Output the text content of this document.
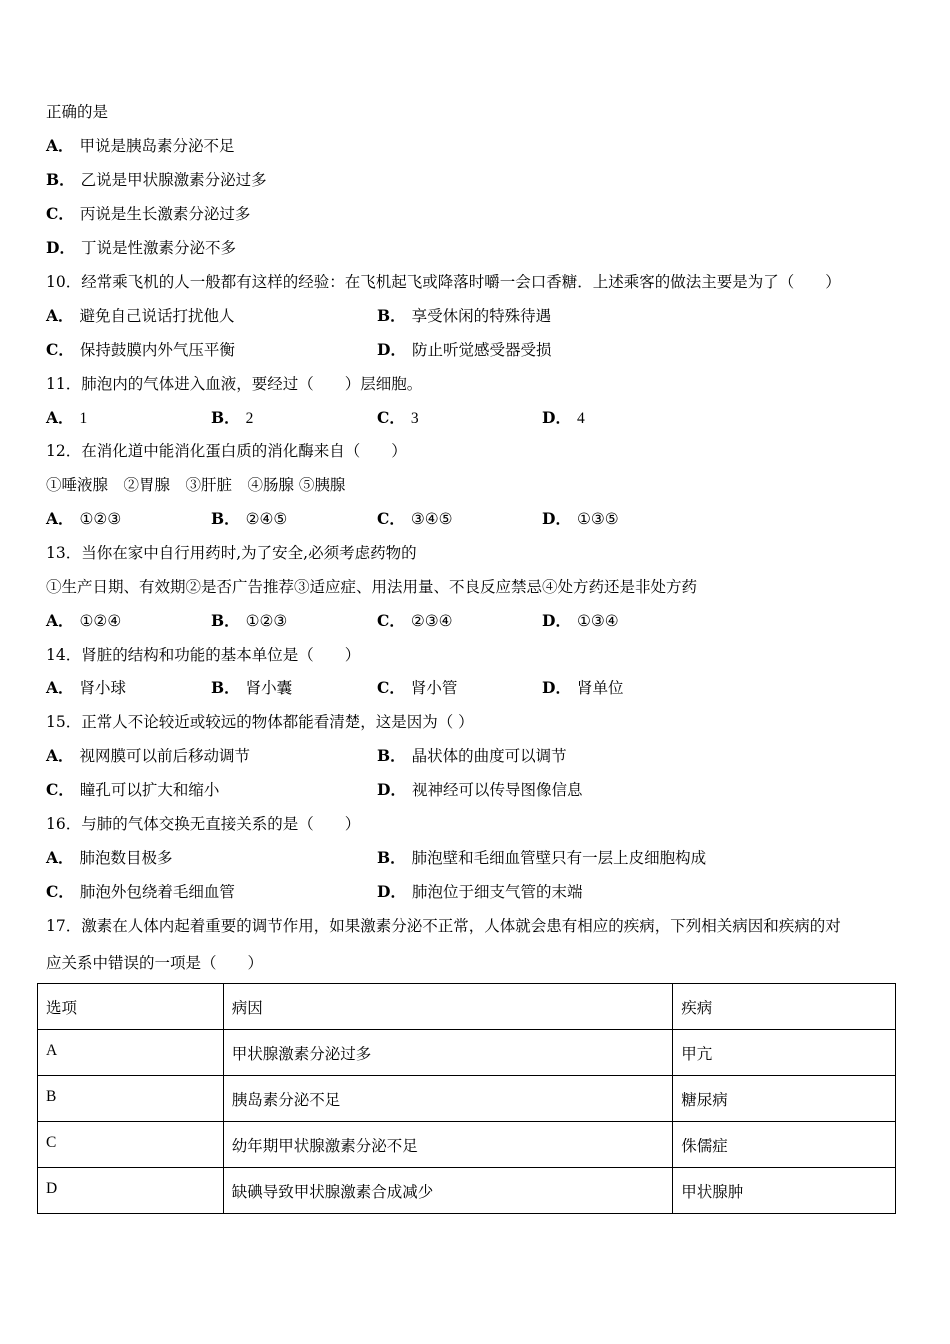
正确的是
A． 甲说是胰岛素分泌不足
B． 乙说是甲状腺激素分泌过多
C． 丙说是生长激素分泌过多
D． 丁说是性激素分泌不多
10．经常乘飞机的人一般都有这样的经验：在飞机起飞或降落时嚼一会口香糖．上述乘客的做法主要是为了（　　）
A． 避免自己说话打扰他人	B． 享受休闲的特殊待遇
C． 保持鼓膜内外气压平衡	D． 防止听觉感受器受损
11．肺泡内的气体进入血液，要经过（　　）层细胞。
A． 1	B． 2	C． 3	D． 4
12．在消化道中能消化蛋白质的消化酶来自（　　）
①唾液腺　②胃腺　③肝脏　④肠腺 ⑤胰腺
A． ①②③	B． ②④⑤	C． ③④⑤	D． ①③⑤
13．当你在家中自行用药时,为了安全,必须考虑药物的
①生产日期、有效期②是否广告推荐③适应症、用法用量、不良反应禁忌④处方药还是非处方药
A． ①②④	B． ①②③	C． ②③④	D． ①③④
14．肾脏的结构和功能的基本单位是（　　）
A． 肾小球	B． 肾小囊	C． 肾小管	D． 肾单位
15．正常人不论较近或较远的物体都能看清楚，这是因为（ ）
A． 视网膜可以前后移动调节	B． 晶状体的曲度可以调节
C． 瞳孔可以扩大和缩小	D． 视神经可以传导图像信息
16．与肺的气体交换无直接关系的是（　　）
A． 肺泡数目极多	B． 肺泡壁和毛细血管壁只有一层上皮细胞构成
C． 肺泡外包绕着毛细血管	D． 肺泡位于细支气管的末端
17．激素在人体内起着重要的调节作用，如果激素分泌不正常，人体就会患有相应的疾病，下列相关病因和疾病的对
应关系中错误的一项是（　　）
选项	病因	疾病
A	甲状腺激素分泌过多	甲亢
B	胰岛素分泌不足	糖尿病
C	幼年期甲状腺激素分泌不足	侏儒症
D	缺碘导致甲状腺激素合成减少	甲状腺肿
